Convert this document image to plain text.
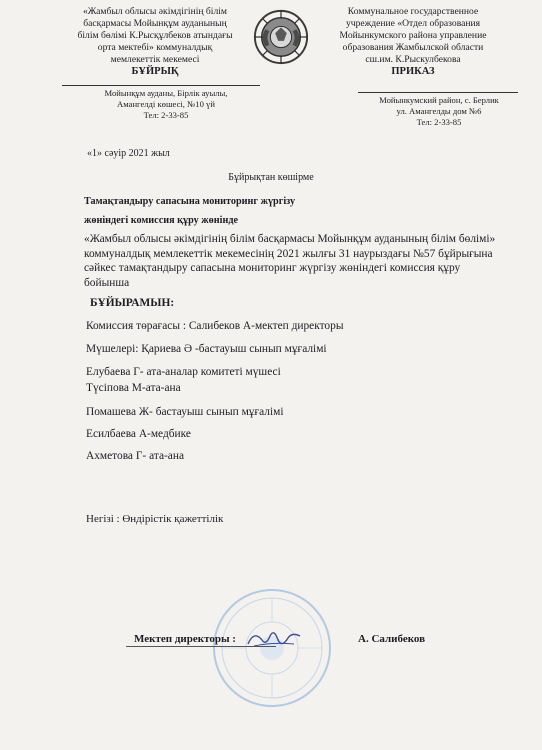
«Жамбыл облысы әкімдігінің білім
басқармасы Мойынқұм ауданының
білім бөлімі К.Рысқұлбеков атындағы
орта мектебі» коммуналдық
мемлекеттік мекемесі
БҰЙРЫҚ
Коммунальное государственное
учреждение «Отдел образования
Мойынкумского района управление
образования Жамбылской области
сш.им. К.Рыскулбекова
ПРИКАЗ
Мойынқұм ауданы, Бірлік ауылы,
Амангелді көшесі, №10 үй
Тел: 2-33-85
Мойынкумский район, с. Берлик
ул. Амангелды дом №6
Тел: 2-33-85
«1» сәуір 2021 жыл
Бұйрықтан көшірме
Тамақтандыру сапасына мониторинг жүргізу
жөніндегі комиссия құру жөнінде
«Жамбыл облысы әкімдігінің білім басқармасы Мойынқұм ауданының білім бөлімі» коммуналдық мемлекеттік мекемесінің 2021 жылғы 31 наурыздағы №57 бұйрығына сәйкес тамақтандыру сапасына мониторинг жүргізу жөніндегі комиссия құру бойынша
БҰЙЫРАМЫН:
Комиссия төрағасы : Салибеков А-мектеп директоры
Мүшелері: Қариева Ә -бастауыш сынып мұғалімі
Елубаева Г- ата-аналар комитеті мүшесі
Түсіпова М-ата-ана
Помашева Ж- бастауыш сынып мұғалімі
Есилбаева А-медбике
Ахметова Г- ата-ана
Негізі : Өндірістік қажеттілік
Мектеп директоры :	А. Салибеков
